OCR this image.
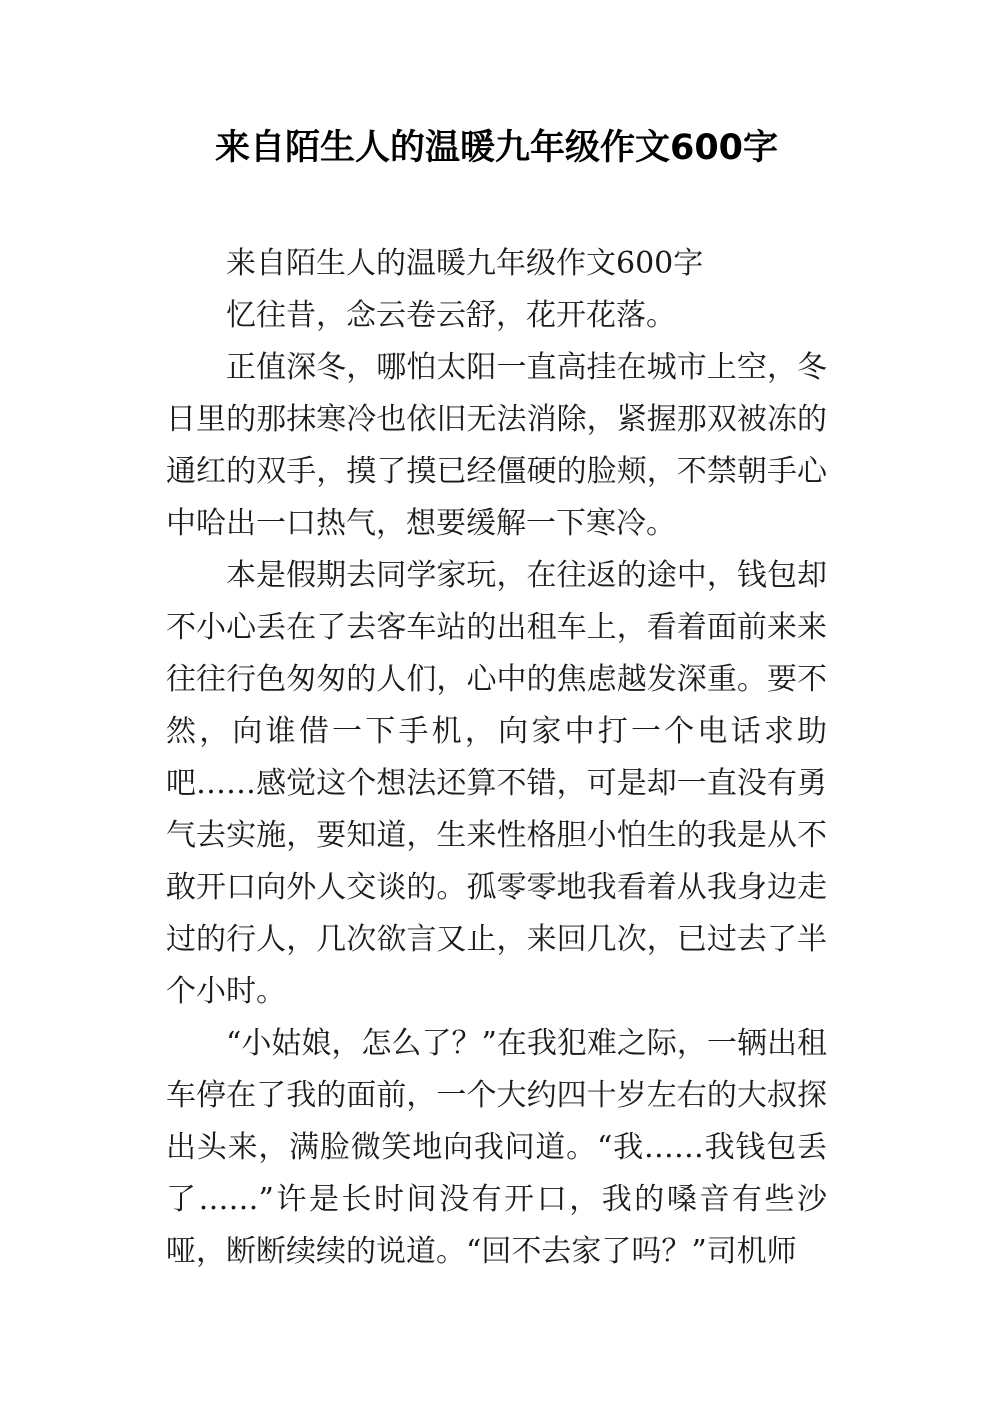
来自陌生人的温暖九年级作文600字

来自陌生人的温暖九年级作文600字

忆往昔，念云卷云舒，花开花落。

正值深冬，哪怕太阳一直高挂在城市上空，冬日里的那抹寒冷也依旧无法消除，紧握那双被冻的通红的双手，摸了摸已经僵硬的脸颊，不禁朝手心中哈出一口热气，想要缓解一下寒冷。

本是假期去同学家玩，在往返的途中，钱包却不小心丢在了去客车站的出租车上，看着面前来来往往行色匆匆的人们，心中的焦虑越发深重。要不然，向谁借一下手机，向家中打一个电话求助吧……感觉这个想法还算不错，可是却一直没有勇气去实施，要知道，生来性格胆小怕生的我是从不敢开口向外人交谈的。孤零零地我看着从我身边走过的行人，几次欲言又止，来回几次，已过去了半个小时。

“小姑娘，怎么了？”在我犯难之际，一辆出租车停在了我的面前，一个大约四十岁左右的大叔探出头来，满脸微笑地向我问道。“我……我钱包丢了……”许是长时间没有开口，我的嗓音有些沙哑，断断续续的说道。“回不去家了吗？”司机师
